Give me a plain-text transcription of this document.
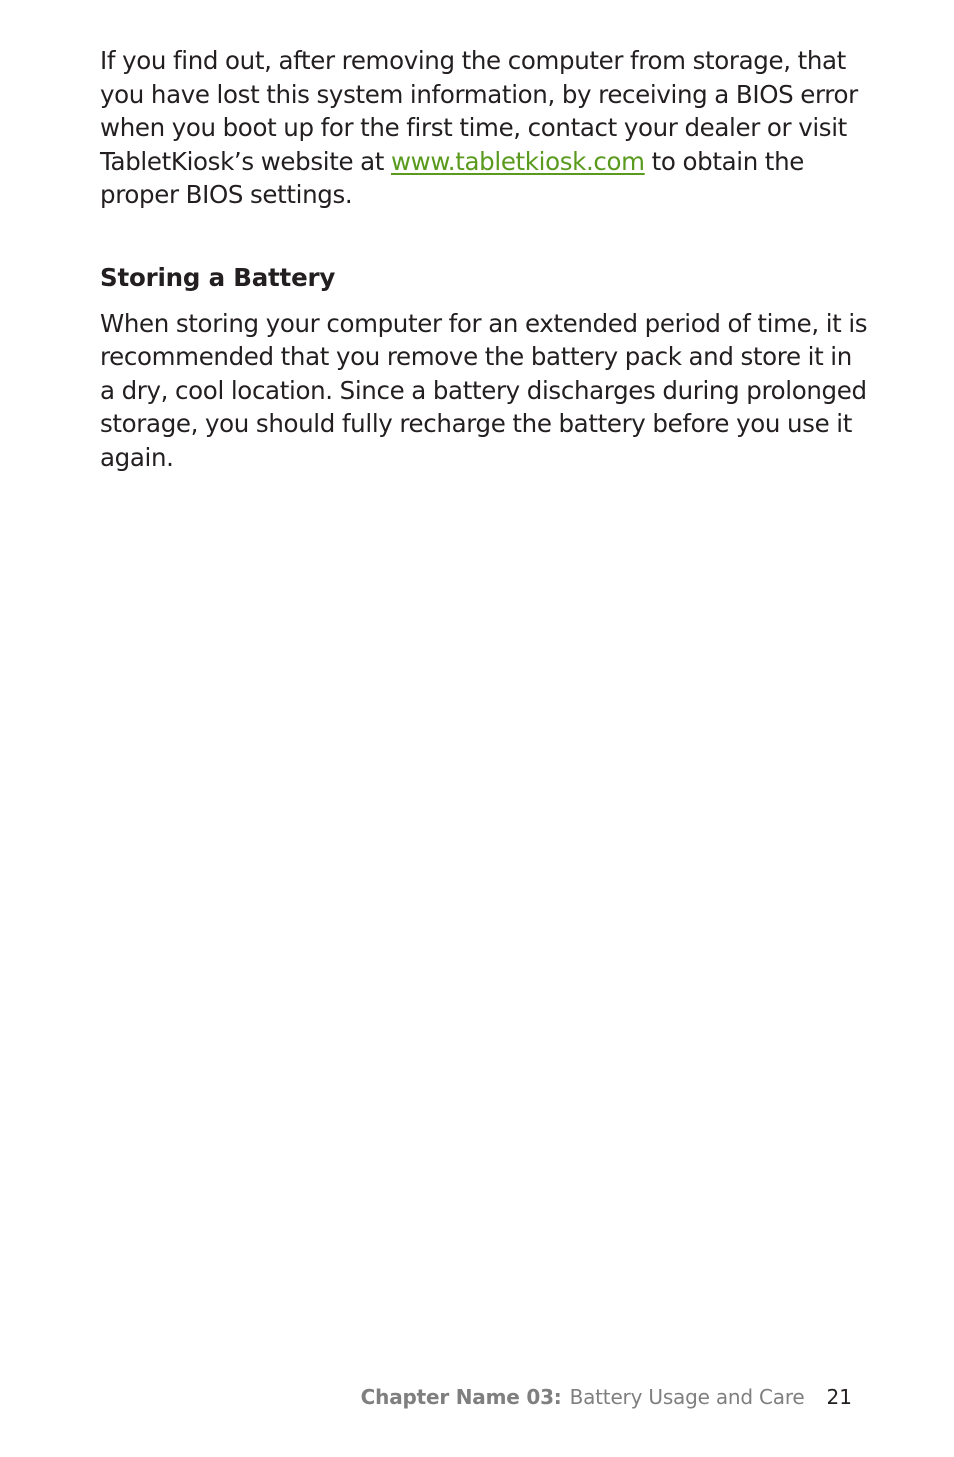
If you find out, after removing the computer from storage, that
you have lost this system information, by receiving a BIOS error
when you boot up for the first time, contact your dealer or visit
TabletKiosk’s website at www.tabletkiosk.com to obtain the
proper BIOS settings.

Storing a Battery

When storing your computer for an extended period of time, it is
recommended that you remove the battery pack and store it in
a dry, cool location. Since a battery discharges during prolonged
storage, you should fully recharge the battery before you use it
again.

Chapter Name 03: Battery Usage and Care 21
